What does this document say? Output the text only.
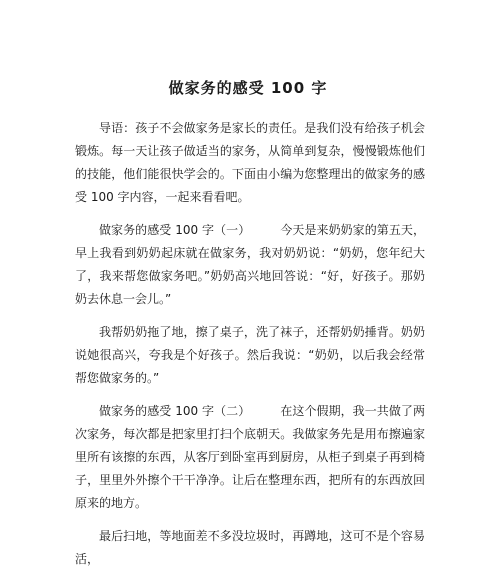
做家务的感受 100 字

导语：孩子不会做家务是家长的责任。是我们没有给孩子机会锻炼。每一天让孩子做适当的家务，从简单到复杂，慢慢锻炼他们的技能，他们能很快学会的。下面由小编为您整理出的做家务的感受 100 字内容，一起来看看吧。

做家务的感受 100 字（一）	今天是来奶奶家的第五天，早上我看到奶奶起床就在做家务，我对奶奶说：“奶奶，您年纪大了，我来帮您做家务吧。”奶奶高兴地回答说：“好，好孩子。那奶奶去休息一会儿。”

我帮奶奶拖了地，擦了桌子，洗了袜子，还帮奶奶捶背。奶奶说她很高兴，夸我是个好孩子。然后我说：“奶奶，以后我会经常帮您做家务的。”

做家务的感受 100 字（二）	在这个假期，我一共做了两次家务，每次都是把家里打扫个底朝天。我做家务先是用布擦遍家里所有该擦的东西，从客厅到卧室再到厨房，从柜子到桌子再到椅子，里里外外擦个干干净净。让后在整理东西，把所有的东西放回原来的地方。

最后扫地，等地面差不多没垃圾时，再蹲地，这可不是个容易活，
